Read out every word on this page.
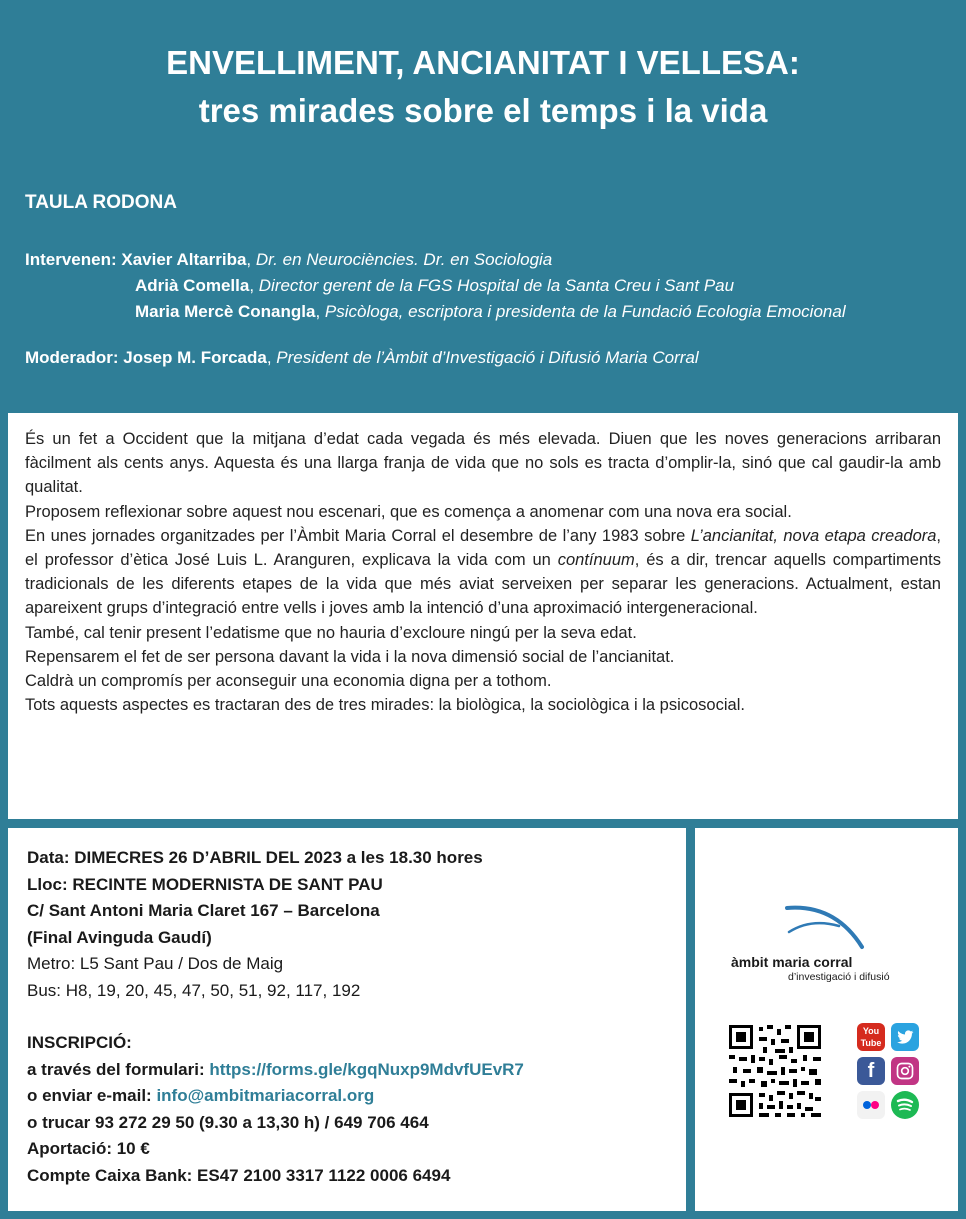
ENVELLIMENT, ANCIANITAT I VELLESA:
tres mirades sobre el temps i la vida
TAULA RODONA
Intervenen: Xavier Altarriba, Dr. en Neurociències. Dr. en Sociologia
Adrià Comella, Director gerent de la FGS Hospital de la Santa Creu i Sant Pau
Maria Mercè Conangla, Psicòloga, escriptora i presidenta de la Fundació Ecologia Emocional
Moderador: Josep M. Forcada, President de l’Àmbit d’Investigació i Difusió Maria Corral

És un fet a Occident que la mitjana d’edat cada vegada és més elevada. Diuen que les noves generacions arribaran fàcilment als cents anys. Aquesta és una llarga franja de vida que no sols es tracta d’omplir-la, sinó que cal gaudir-la amb qualitat.

Proposem reflexionar sobre aquest nou escenari, que es comença a anomenar com una nova era social.

En unes jornades organitzades per l’Àmbit Maria Corral el desembre de l’any 1983 sobre L’ancianitat, nova etapa creadora, el professor d’ètica José Luis L. Aranguren, explicava la vida com un contínuum, és a dir, trencar aquells compartiments tradicionals de les diferents etapes de la vida que més aviat serveixen per separar les generacions. Actualment, estan apareixent grups d’integració entre vells i joves amb la intenció d’una aproximació intergeneracional.

També, cal tenir present l’edatisme que no hauria d’excloure ningú per la seva edat.

Repensarem el fet de ser persona davant la vida i la nova dimensió social de l’ancianitat.

Caldrà un compromís per aconseguir una economia digna per a tothom.

Tots aquests aspectes es tractaran des de tres mirades: la biològica, la sociològica i la psicosocial.

Data: DIMECRES 26 D’ABRIL DEL 2023 a les 18.30 hores
Lloc: RECINTE MODERNISTA DE SANT PAU
C/ Sant Antoni Maria Claret 167 – Barcelona
(Final Avinguda Gaudí)
Metro: L5 Sant Pau / Dos de Maig
Bus: H8, 19, 20, 45, 47, 50, 51, 92, 117, 192
INSCRIPCIÓ:
a través del formulari: https://forms.gle/kgqNuxp9MdvfUEvR7
o enviar e-mail: info@ambitmariacorral.org
o trucar 93 272 29 50 (9.30 a 13,30 h) / 649 706 464
Aportació: 10 €
Compte Caixa Bank: ES47 2100 3317 1122 0006 6494
àmbit maria corral
d’investigació i difusió
You Tube
f
